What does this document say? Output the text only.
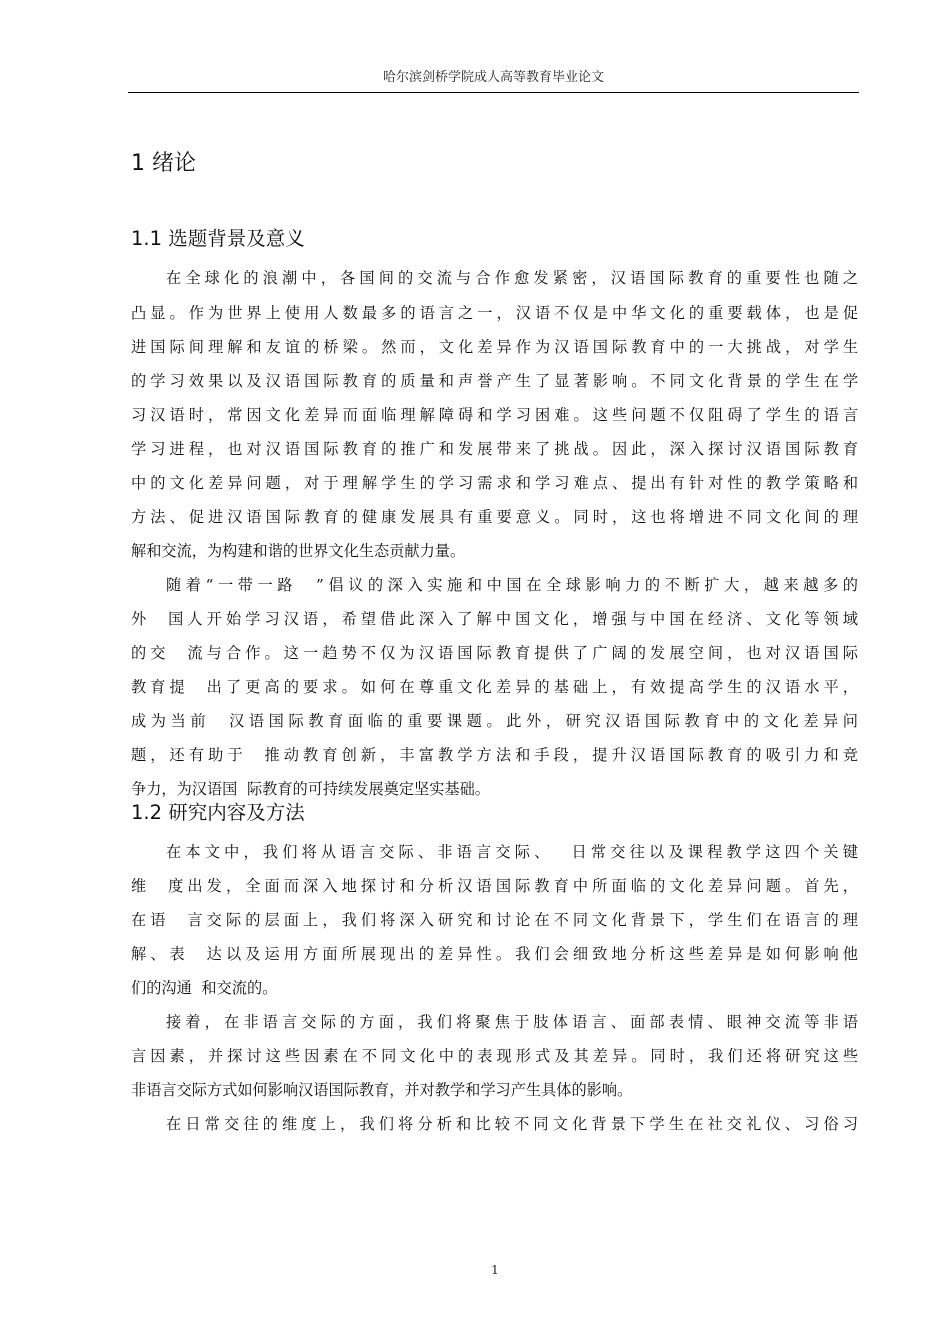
哈尔滨剑桥学院成人高等教育毕业论文
1 绪论
1.1 选题背景及意义
在全球化的浪潮中，各国间的交流与合作愈发紧密，汉语国际教育的重要性也随之
凸显。作为世界上使用人数最多的语言之一，汉语不仅是中华文化的重要载体，也是促
进国际间理解和友谊的桥梁。然而，文化差异作为汉语国际教育中的一大挑战，对学生
的学习效果以及汉语国际教育的质量和声誉产生了显著影响。不同文化背景的学生在学
习汉语时，常因文化差异而面临理解障碍和学习困难。这些问题不仅阻碍了学生的语言
学习进程，也对汉语国际教育的推广和发展带来了挑战。因此，深入探讨汉语国际教育
中的文化差异问题，对于理解学生的学习需求和学习难点、提出有针对性的教学策略和
方法、促进汉语国际教育的健康发展具有重要意义。同时，这也将增进不同文化间的理
解和交流，为构建和谐的世界文化生态贡献力量。
随着“一带一路  ”倡议的深入实施和中国在全球影响力的不断扩大，越来越多的
外  国人开始学习汉语，希望借此深入了解中国文化，增强与中国在经济、文化等领域
的交  流与合作。这一趋势不仅为汉语国际教育提供了广阔的发展空间，也对汉语国际
教育提  出了更高的要求。如何在尊重文化差异的基础上，有效提高学生的汉语水平，
成为当前  汉语国际教育面临的重要课题。此外，研究汉语国际教育中的文化差异问
题，还有助于  推动教育创新，丰富教学方法和手段，提升汉语国际教育的吸引力和竞
争力，为汉语国  际教育的可持续发展奠定坚实基础。
1.2 研究内容及方法
在本文中，我们将从语言交际、非语言交际、  日常交往以及课程教学这四个关键
维  度出发，全面而深入地探讨和分析汉语国际教育中所面临的文化差异问题。首先，
在语  言交际的层面上，我们将深入研究和讨论在不同文化背景下，学生们在语言的理
解、表  达以及运用方面所展现出的差异性。我们会细致地分析这些差异是如何影响他
们的沟通  和交流的。
接着，在非语言交际的方面，我们将聚焦于肢体语言、面部表情、眼神交流等非语
言因素，并探讨这些因素在不同文化中的表现形式及其差异。同时，我们还将研究这些
非语言交际方式如何影响汉语国际教育，并对教学和学习产生具体的影响。
在日常交往的维度上，我们将分析和比较不同文化背景下学生在社交礼仪、习俗习
1
